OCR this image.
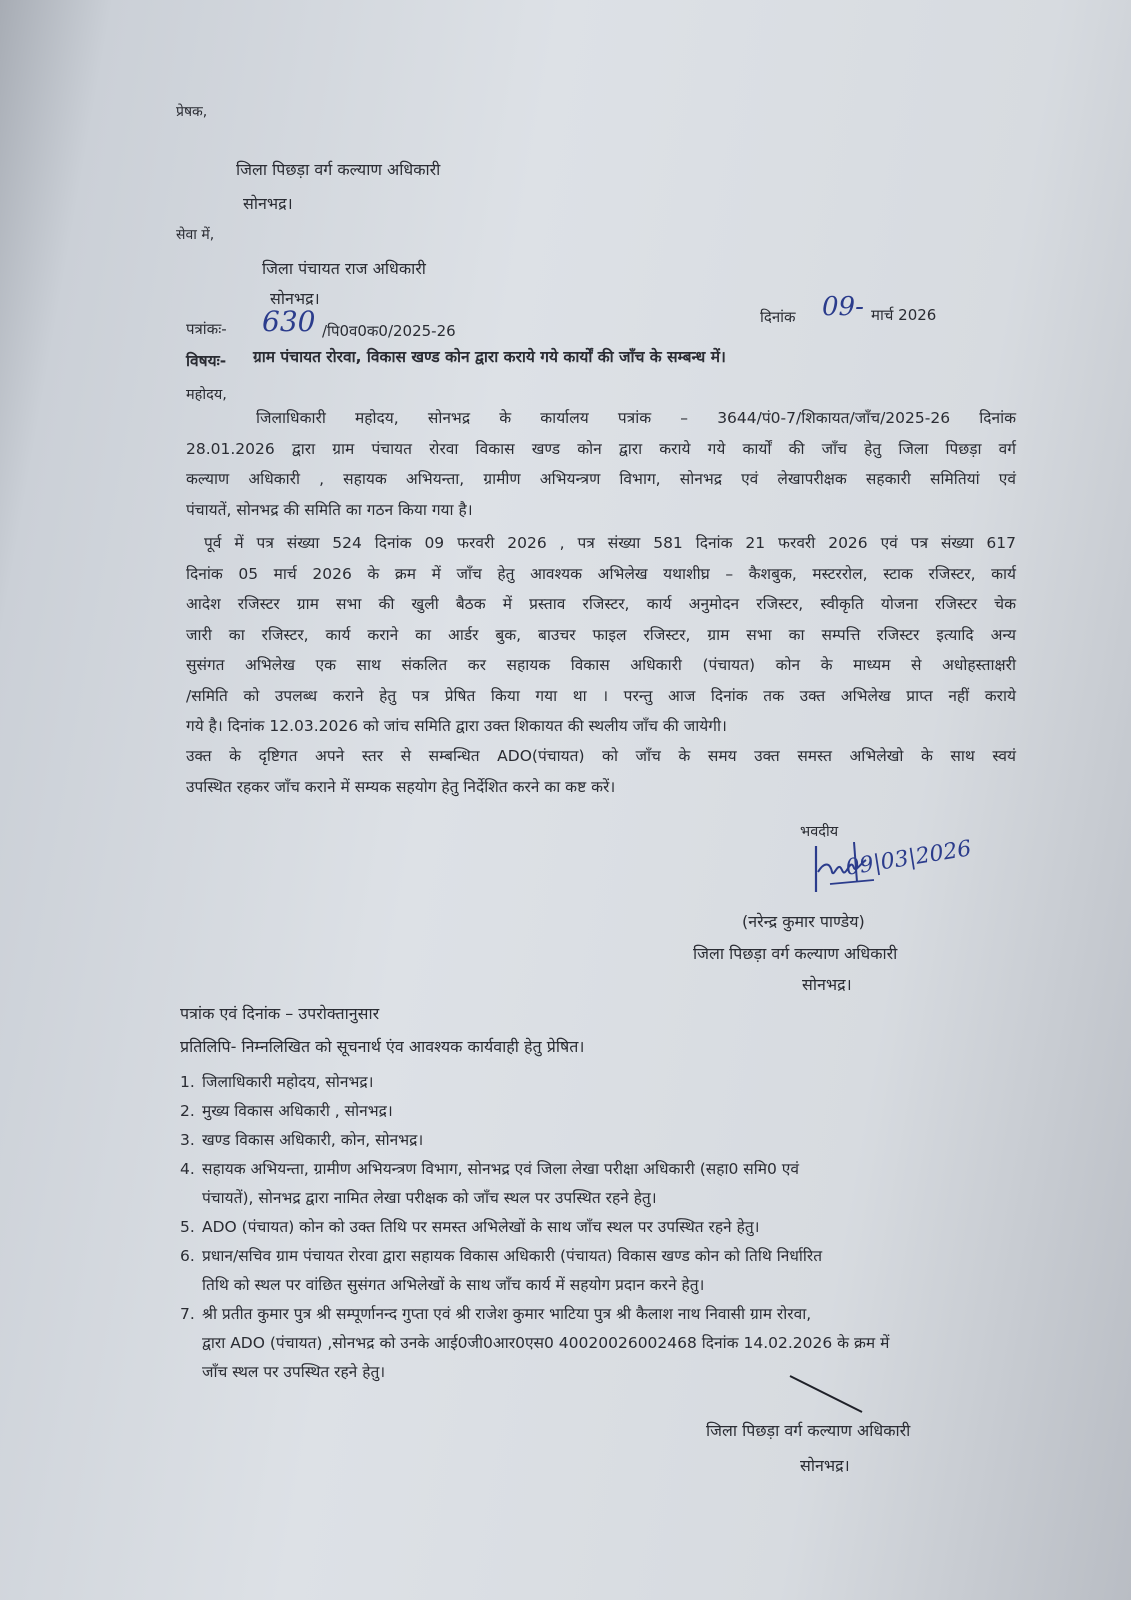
प्रेषक,
जिला पिछड़ा वर्ग कल्याण अधिकारी
सोनभद्र।
सेवा में,
जिला पंचायत राज अधिकारी
सोनभद्र।
पत्रांकः- 630 /पि0व0क0/2025-26
दिनांक 09- मार्च 2026
विषयः- ग्राम पंचायत रोरवा, विकास खण्ड कोन द्वारा कराये गये कार्यों की जाँच के सम्बन्ध में।
महोदय,
जिलाधिकारी महोदय, सोनभद्र के कार्यालय पत्रांक – 3644/पं0-7/शिकायत/जाँच/2025-26 दिनांक
28.01.2026 द्वारा ग्राम पंचायत रोरवा विकास खण्ड कोन द्वारा कराये गये कार्यों की जाँच हेतु जिला पिछड़ा वर्ग
कल्याण अधिकारी , सहायक अभियन्ता, ग्रामीण अभियन्त्रण विभाग, सोनभद्र एवं लेखापरीक्षक सहकारी समितियां एवं
पंचायतें, सोनभद्र की समिति का गठन किया गया है।
पूर्व में पत्र संख्या 524 दिनांक 09 फरवरी 2026 , पत्र संख्या 581 दिनांक 21 फरवरी 2026 एवं पत्र संख्या 617
दिनांक 05 मार्च 2026 के क्रम में जाँच हेतु आवश्यक अभिलेख यथाशीघ्र – कैशबुक, मस्टररोल, स्टाक रजिस्टर, कार्य
आदेश रजिस्टर ग्राम सभा की खुली बैठक में प्रस्ताव रजिस्टर, कार्य अनुमोदन रजिस्टर, स्वीकृति योजना रजिस्टर चेक
जारी का रजिस्टर, कार्य कराने का आर्डर बुक, बाउचर फाइल रजिस्टर, ग्राम सभा का सम्पत्ति रजिस्टर इत्यादि अन्य
सुसंगत अभिलेख एक साथ संकलित कर सहायक विकास अधिकारी (पंचायत) कोन के माध्यम से अधोहस्ताक्षरी
/समिति को उपलब्ध कराने हेतु पत्र प्रेषित किया गया था । परन्तु आज दिनांक तक उक्त अभिलेख प्राप्त नहीं कराये
गये है। दिनांक 12.03.2026 को जांच समिति द्वारा उक्त शिकायत की स्थलीय जाँच की जायेगी।
उक्त के दृष्टिगत अपने स्तर से सम्बन्धित ADO(पंचायत) को जाँच के समय उक्त समस्त अभिलेखो के साथ स्वयं
उपस्थित रहकर जाँच कराने में सम्यक सहयोग हेतु निर्देशित करने का कष्ट करें।
भवदीय
09|03|2026
(नरेन्द्र कुमार पाण्डेय)
जिला पिछड़ा वर्ग कल्याण अधिकारी
सोनभद्र।
पत्रांक एवं दिनांक – उपरोक्तानुसार
प्रतिलिपि- निम्नलिखित को सूचनार्थ एंव आवश्यक कार्यवाही हेतु प्रेषित।
1. जिलाधिकारी महोदय, सोनभद्र।
2. मुख्य विकास अधिकारी , सोनभद्र।
3. खण्ड विकास अधिकारी, कोन, सोनभद्र।
4. सहायक अभियन्ता, ग्रामीण अभियन्त्रण विभाग, सोनभद्र एवं जिला लेखा परीक्षा अधिकारी (सहा0 समि0 एवं
पंचायतें), सोनभद्र द्वारा नामित लेखा परीक्षक को जाँच स्थल पर उपस्थित रहने हेतु।
5. ADO (पंचायत) कोन को उक्त तिथि पर समस्त अभिलेखों के साथ जाँच स्थल पर उपस्थित रहने हेतु।
6. प्रधान/सचिव ग्राम पंचायत रोरवा द्वारा सहायक विकास अधिकारी (पंचायत) विकास खण्ड कोन को तिथि निर्धारित
तिथि को स्थल पर वांछित सुसंगत अभिलेखों के साथ जाँच कार्य में सहयोग प्रदान करने हेतु।
7. श्री प्रतीत कुमार पुत्र श्री सम्पूर्णानन्द गुप्ता एवं श्री राजेश कुमार भाटिया पुत्र श्री कैलाश नाथ निवासी ग्राम रोरवा,
द्वारा ADO (पंचायत) ,सोनभद्र को उनके आई0जी0आर0एस0 40020026002468 दिनांक 14.02.2026 के क्रम में
जाँच स्थल पर उपस्थित रहने हेतु।
जिला पिछड़ा वर्ग कल्याण अधिकारी
सोनभद्र।
